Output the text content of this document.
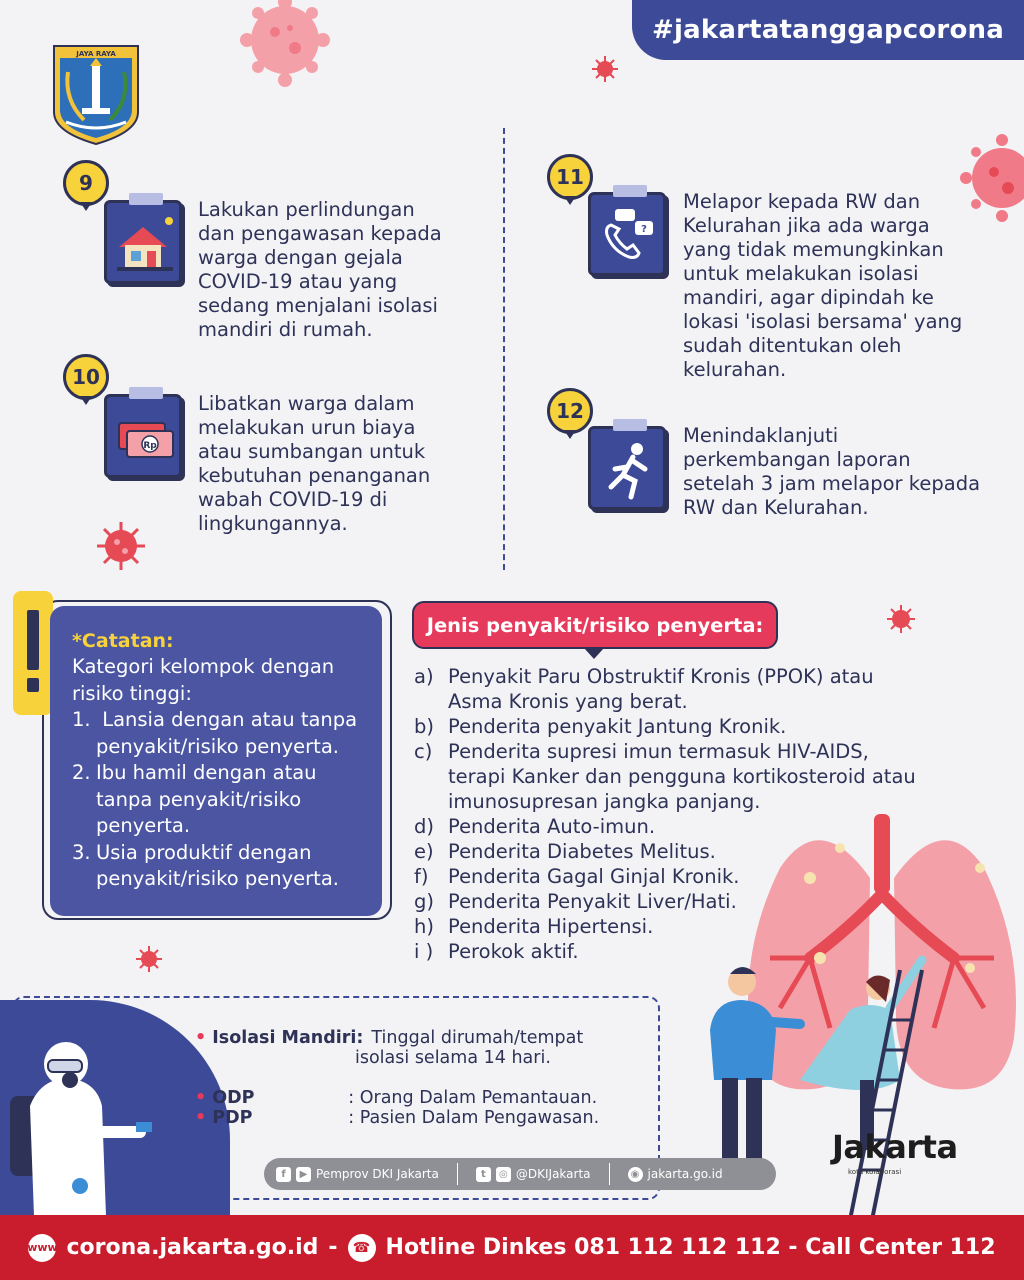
#jakartatanggapcorona
JAYA RAYA
9
Lakukan perlindungan
dan pengawasan kepada
warga dengan gejala
COVID-19 atau yang
sedang menjalani isolasi
mandiri di rumah.
10
Rp
Libatkan warga dalam
melakukan urun biaya
atau sumbangan untuk
kebutuhan penanganan
wabah COVID-19 di
lingkungannya.
11
?
Melapor kepada RW dan
Kelurahan jika ada warga
yang tidak memungkinkan
untuk melakukan isolasi
mandiri, agar dipindah ke
lokasi 'isolasi bersama' yang
sudah ditentukan oleh
kelurahan.
12
Menindaklanjuti
perkembangan laporan
setelah 3 jam melapor kepada
RW dan Kelurahan.
*Catatan:

Kategori kelompok dengan
risiko tinggi:

1. Lansia dengan atau tanpa
penyakit/risiko penyerta.

2. Ibu hamil dengan atau
tanpa penyakit/risiko
penyerta.

3. Usia produktif dengan
penyakit/risiko penyerta.

Jenis penyakit/risiko penyerta:
a) Penyakit Paru Obstruktif Kronis (PPOK) atau
Asma Kronis yang berat.
b) Penderita penyakit Jantung Kronik.
c) Penderita supresi imun termasuk HIV-AIDS,
terapi Kanker dan pengguna kortikosteroid atau
imunosupresan jangka panjang.
d) Penderita Auto-imun.
e) Penderita Diabetes Melitus.
f)	Penderita Gagal Ginjal Kronik.
g) Penderita Penyakit Liver/Hati.
h) Penderita Hipertensi.
i ) Perokok aktif.
• Isolasi Mandiri: Tinggal dirumah/tempat
isolasi selama 14 hari.
• ODP	: Orang Dalam Pemantauan.
• PDP	: Pasien Dalam Pengawasan.
f	▶ Pemprov DKI Jakarta	t	◎ @DKIJakarta	◉ jakarta.go.id
Jakarta
kota kolaborasi
www corona.jakarta.go.id -	☎ Hotline Dinkes 081 112 112 112 - Call Center 112
